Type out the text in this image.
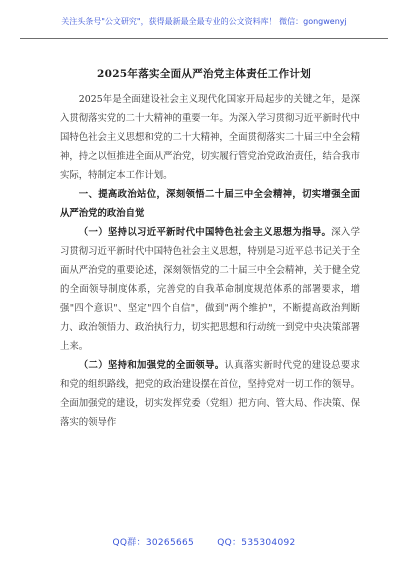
关注头条号"公文研究"，获得最新最全最专业的公文资料库！ 微信：gongwenyj
2025年落实全面从严治党主体责任工作计划

2025年是全面建设社会主义现代化国家开局起步的关键之年，是深入贯彻落实党的二十大精神的重要一年。为深入学习贯彻习近平新时代中国特色社会主义思想和党的二十大精神，全面贯彻落实二十届三中全会精神，持之以恒推进全面从严治党，切实履行管党治党政治责任，结合我市实际，特制定本工作计划。

一、提高政治站位，深刻领悟二十届三中全会精神，切实增强全面从严治党的政治自觉

（一）坚持以习近平新时代中国特色社会主义思想为指导。深入学习贯彻习近平新时代中国特色社会主义思想，特别是习近平总书记关于全面从严治党的重要论述，深刻领悟党的二十届三中全会精神，关于健全党的全面领导制度体系，完善党的自我革命制度规范体系的部署要求，增强"四个意识"、坚定"四个自信"，做到"两个维护"，不断提高政治判断力、政治领悟力、政治执行力，切实把思想和行动统一到党中央决策部署上来。

（二）坚持和加强党的全面领导。认真落实新时代党的建设总要求和党的组织路线，把党的政治建设摆在首位，坚持党对一切工作的领导。全面加强党的建设，切实发挥党委（党组）把方向、管大局、作决策、保落实的领导作

QQ群：30265665	QQ：535304092
